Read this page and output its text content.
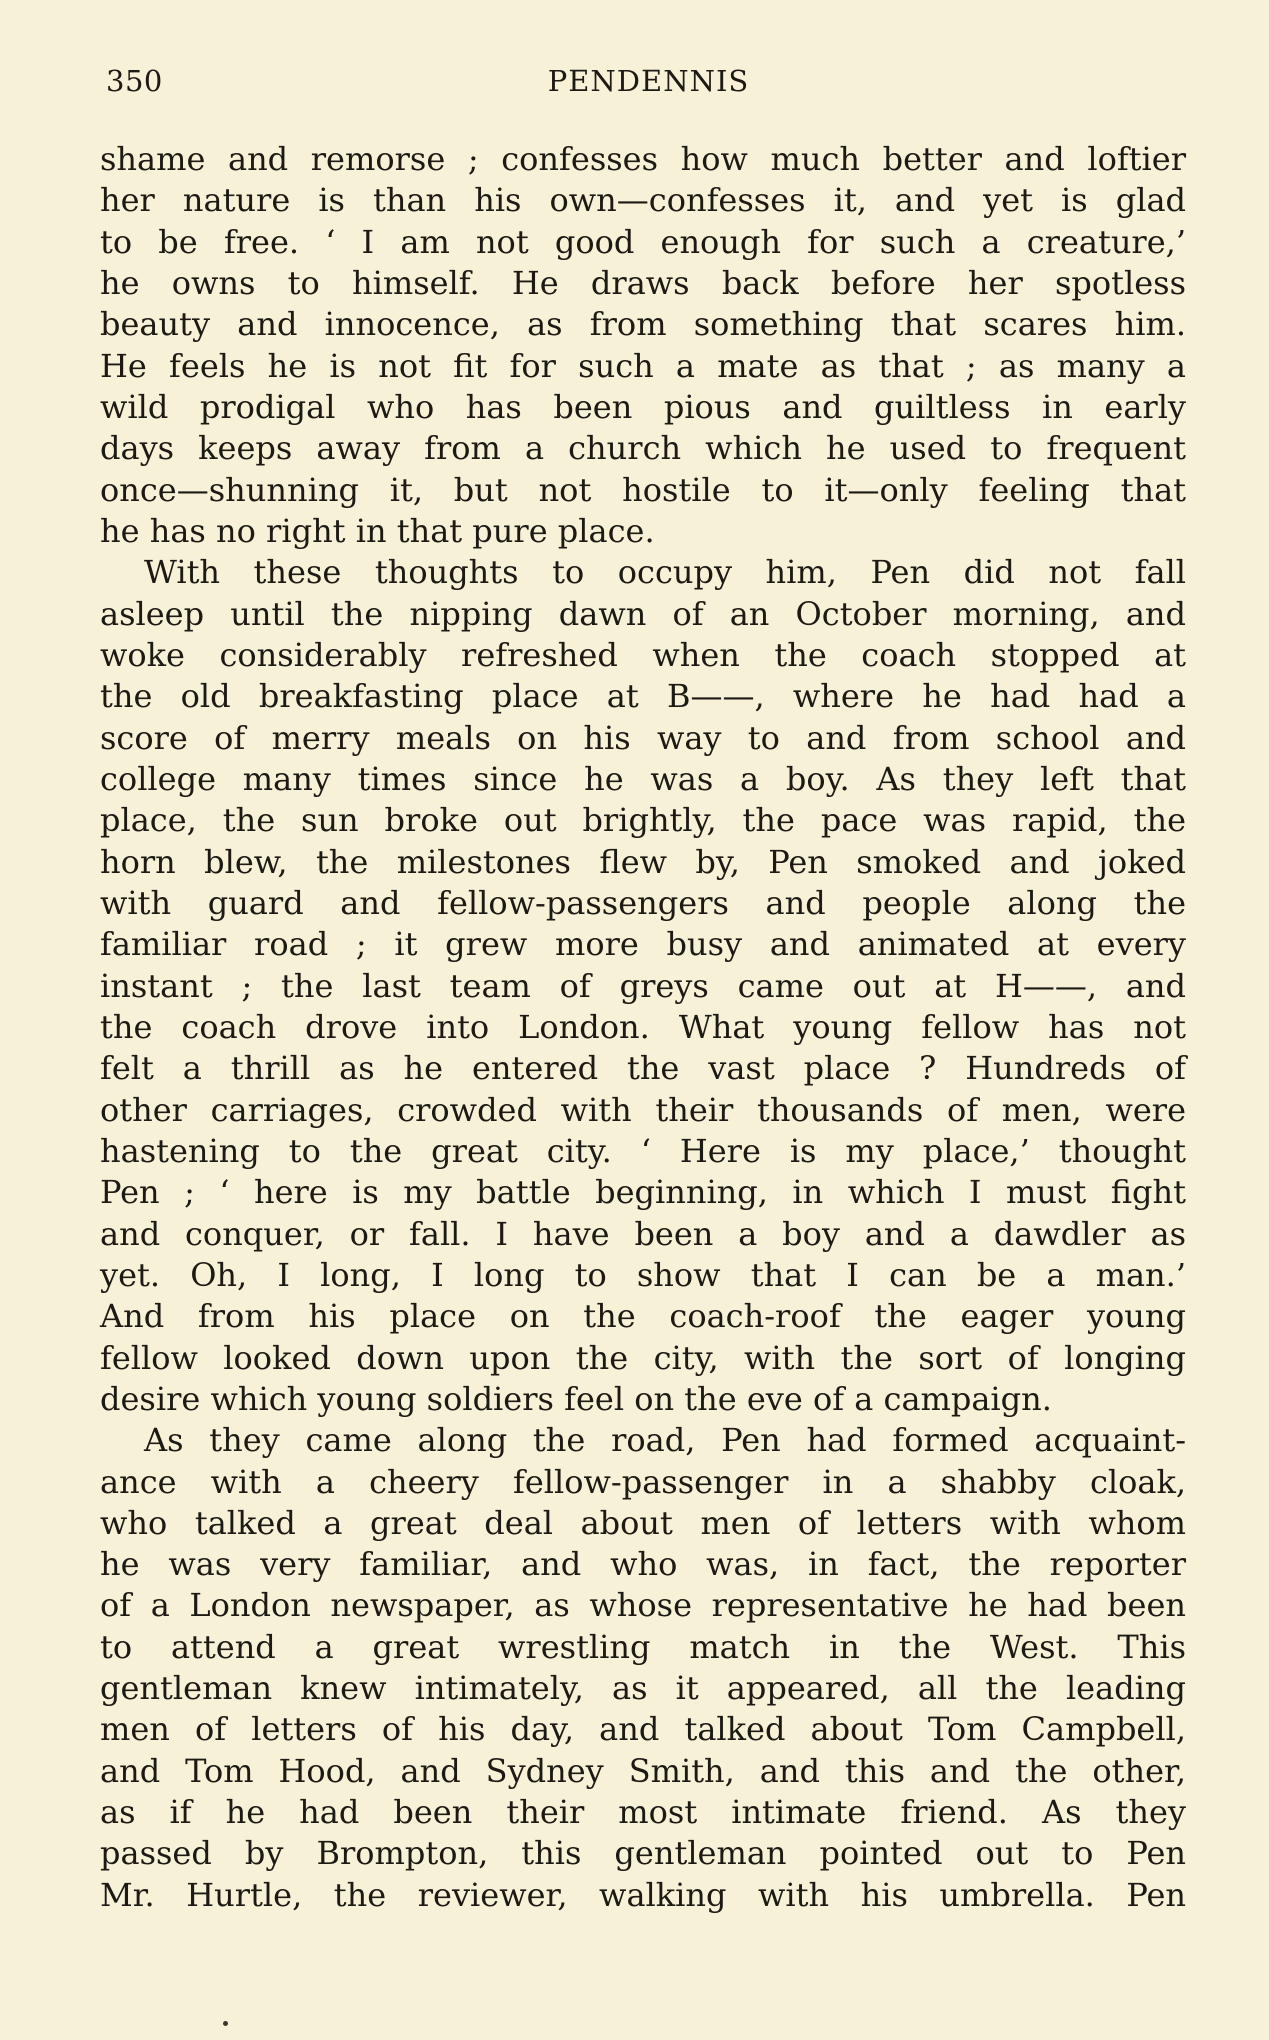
350	PENDENNIS
shame and remorse ; confesses how much better and loftier
her nature is than his own—confesses it, and yet is glad
to be free. ‘ I am not good enough for such a creature,’
he owns to himself. He draws back before her spotless
beauty and innocence, as from something that scares him.
He feels he is not fit for such a mate as that ; as many a
wild prodigal who has been pious and guiltless in early
days keeps away from a church which he used to frequent
once—shunning it, but not hostile to it—only feeling that
he has no right in that pure place.
With these thoughts to occupy him, Pen did not fall
asleep until the nipping dawn of an October morning, and
woke considerably refreshed when the coach stopped at
the old breakfasting place at B——, where he had had a
score of merry meals on his way to and from school and
college many times since he was a boy. As they left that
place, the sun broke out brightly, the pace was rapid, the
horn blew, the milestones flew by, Pen smoked and joked
with guard and fellow-passengers and people along the
familiar road ; it grew more busy and animated at every
instant ; the last team of greys came out at H——, and
the coach drove into London. What young fellow has not
felt a thrill as he entered the vast place ? Hundreds of
other carriages, crowded with their thousands of men, were
hastening to the great city. ‘ Here is my place,’ thought
Pen ; ‘ here is my battle beginning, in which I must fight
and conquer, or fall. I have been a boy and a dawdler as
yet. Oh, I long, I long to show that I can be a man.’
And from his place on the coach-roof the eager young
fellow looked down upon the city, with the sort of longing
desire which young soldiers feel on the eve of a campaign.
As they came along the road, Pen had formed acquaint-
ance with a cheery fellow-passenger in a shabby cloak,
who talked a great deal about men of letters with whom
he was very familiar, and who was, in fact, the reporter
of a London newspaper, as whose representative he had been
to attend a great wrestling match in the West. This
gentleman knew intimately, as it appeared, all the leading
men of letters of his day, and talked about Tom Campbell,
and Tom Hood, and Sydney Smith, and this and the other,
as if he had been their most intimate friend. As they
passed by Brompton, this gentleman pointed out to Pen
Mr. Hurtle, the reviewer, walking with his umbrella. Pen
